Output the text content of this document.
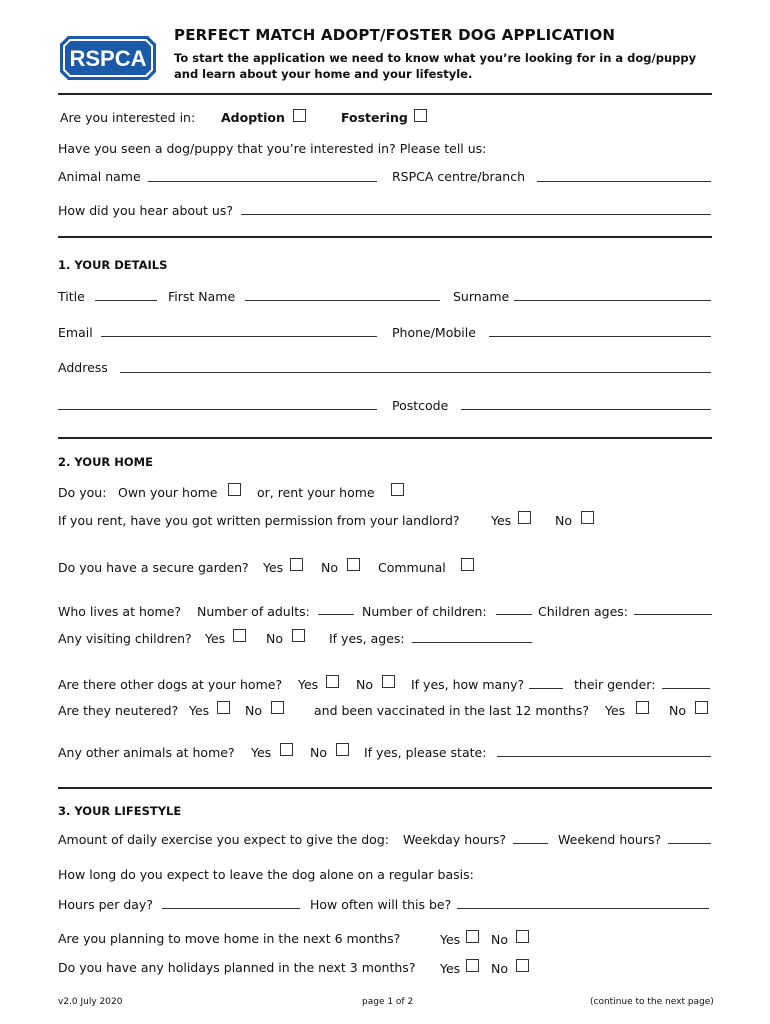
RSPCA
PERFECT MATCH ADOPT/FOSTER DOG APPLICATION
To start the application we need to know what you’re looking for in a dog/puppy
and learn about your home and your lifestyle.
Are you interested in: Adoption	Fostering
Have you seen a dog/puppy that you’re interested in? Please tell us:
Animal name	RSPCA centre/branch
How did you hear about us?
1. YOUR DETAILS
Title	First Name	Surname
Email	Phone/Mobile
Address
Postcode
2. YOUR HOME
Do you: Own your home	or, rent your home
If you rent, have you got written permission from your landlord?	Yes	No
Do you have a secure garden? Yes	No	Communal
Who lives at home? Number of adults:	Number of children:	Children ages:
Any visiting children? Yes	No	If yes, ages:
Are there other dogs at your home? Yes	No	If yes, how many?	their gender:
Are they neutered? Yes	No	and been vaccinated in the last 12 months? Yes	No
Any other animals at home? Yes	No	If yes, please state:
3. YOUR LIFESTYLE
Amount of daily exercise you expect to give the dog: Weekday hours?	Weekend hours?
How long do you expect to leave the dog alone on a regular basis:
Hours per day?	How often will this be?
Are you planning to move home in the next 6 months?	Yes No
Do you have any holidays planned in the next 3 months? Yes No
v2.0 July 2020	page 1 of 2	(continue to the next page)
